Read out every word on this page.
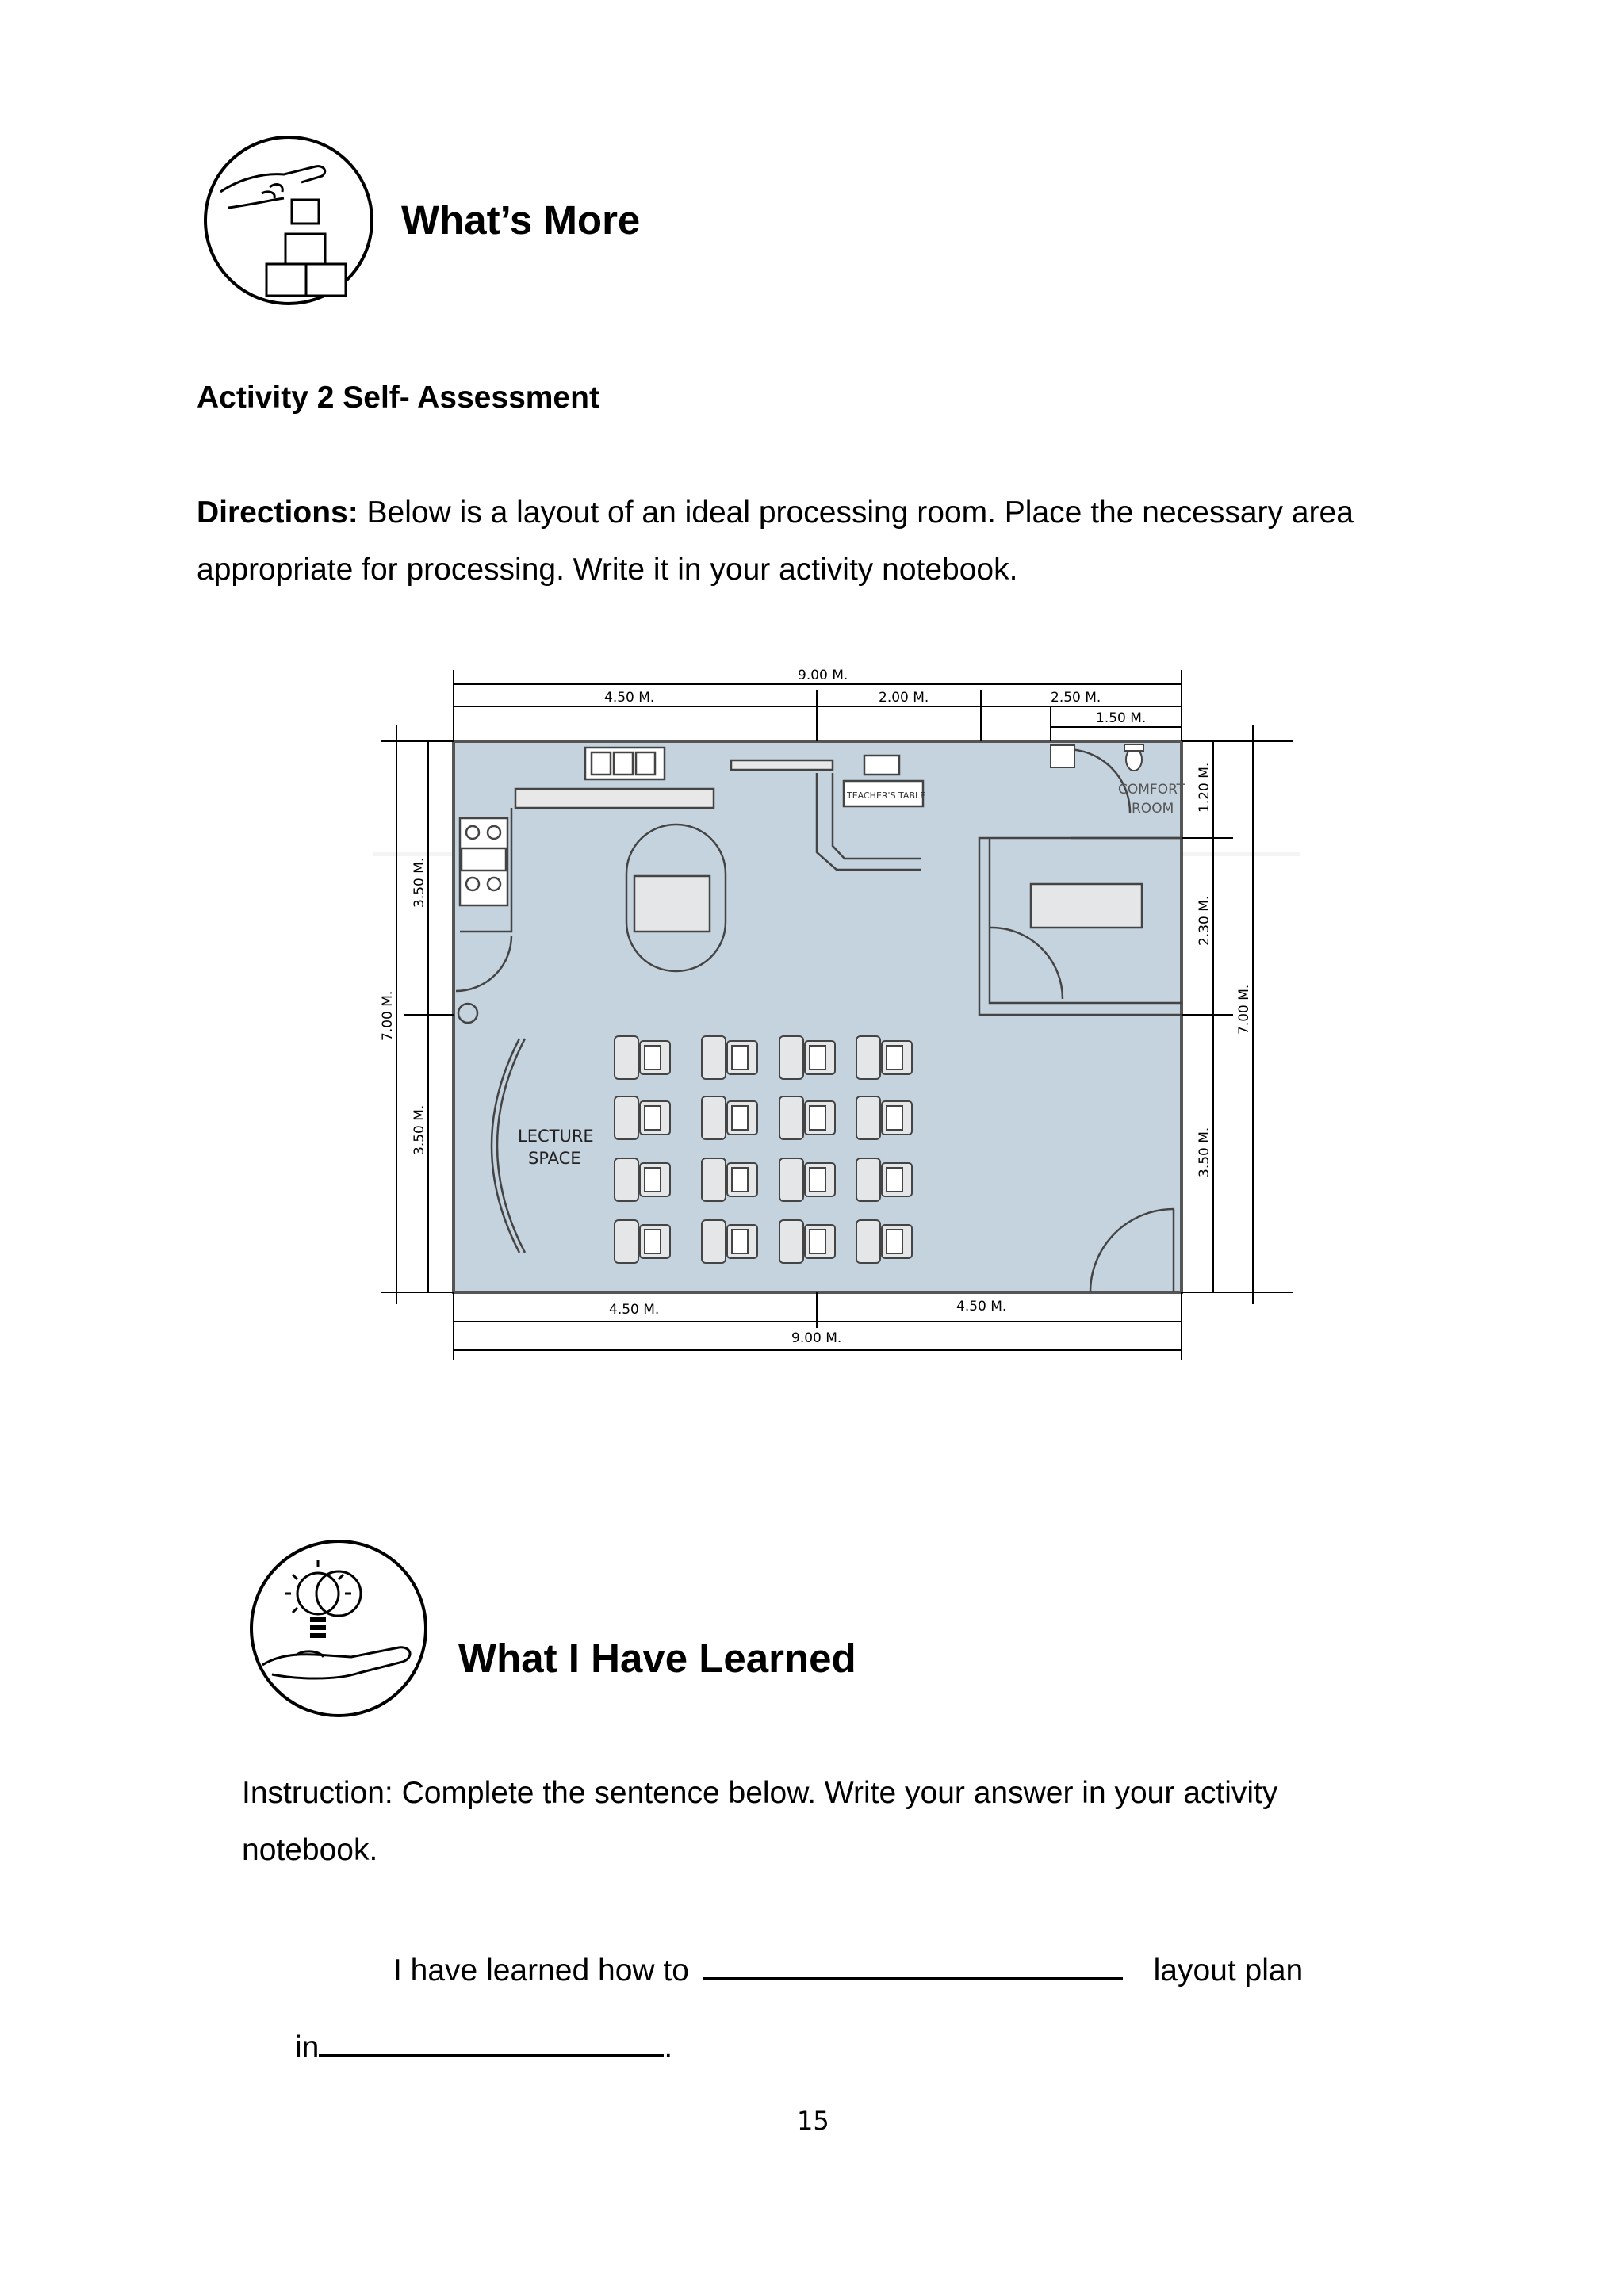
What’s More
Activity 2 Self- Assessment
Directions: Below is a layout of an ideal processing room. Place the necessary area
appropriate for processing. Write it in your activity notebook.
9.00 M.
4.50 M.	2.00 M.	2.50 M.
1.50 M.
4.50 M.	4.50 M.
9.00 M.
3.50 M.
7.00 M.
3.50 M.
1.20 M.
2.30 M.
3.50 M.
7.00 M.
COMFORT
ROOM
TEACHER'S TABLE
LECTURE
SPACE
What I Have Learned
Instruction: Complete the sentence below. Write your answer in your activity
notebook.
I have learned how to	layout plan
in	.
15
